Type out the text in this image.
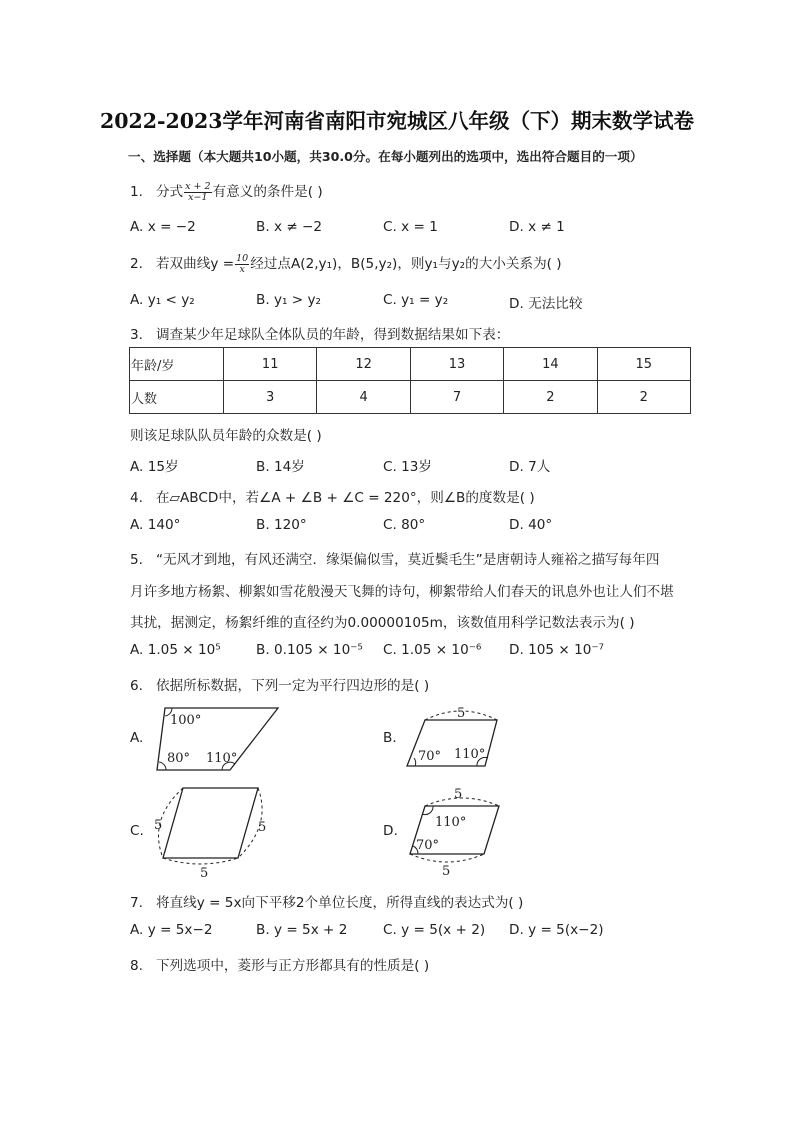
2022-2023学年河南省南阳市宛城区八年级（下）期末数学试卷
一、选择题（本大题共10小题，共30.0分。在每小题列出的选项中，选出符合题目的一项）
1. 分式 $\frac{x + 2}{x-1}$ 有意义的条件是( )
A. x = −2	B. x ≠ −2	C. x = 1	D. x ≠ 1
2. 若双曲线$y = \frac{10}{x}$ 经过点A(2,y₁)，B(5,y₂)，则y₁与y₂的大小关系为( )
A. y₁ < y₂	B. y₁ > y₂	C. y₁ = y₂	D. 无法比较
3. 调查某少年足球队全体队员的年龄，得到数据结果如下表：
年龄/岁	11	12	13	14	15
人数	3	4	7	2	2
则该足球队队员年龄的众数是( )
A. 15岁	B. 14岁	C. 13岁	D. 7人
4. 在▱ABCD中，若∠A + ∠B + ∠C = 220°，则∠B的度数是( )
A. 140°	B. 120°	C. 80°	D. 40°
5. “无风才到地，有风还满空．缘渠偏似雪，莫近鬓毛生”是唐朝诗人雍裕之描写每年四
月许多地方杨絮、柳絮如雪花般漫天飞舞的诗句，柳絮带给人们春天的讯息外也让人们不堪
其扰，据测定，杨絮纤维的直径约为0.00000105m，该数值用科学记数法表示为( )
A. 1.05 × 10⁵	B. 0.105 × 10⁻⁵ C. 1.05 × 10⁻⁶ D. 105 × 10⁻⁷
6. 依据所标数据，下列一定为平行四边形的是( )
A.
100°
80° 110°
B.
5
70° 110°
C. 5	5
5
D.
5
110°
70°
5
7. 将直线y = 5x向下平移2个单位长度，所得直线的表达式为( )
A. y = 5x−2	B. y = 5x + 2	C. y = 5(x + 2) D. y = 5(x−2)
8. 下列选项中，菱形与正方形都具有的性质是( )
